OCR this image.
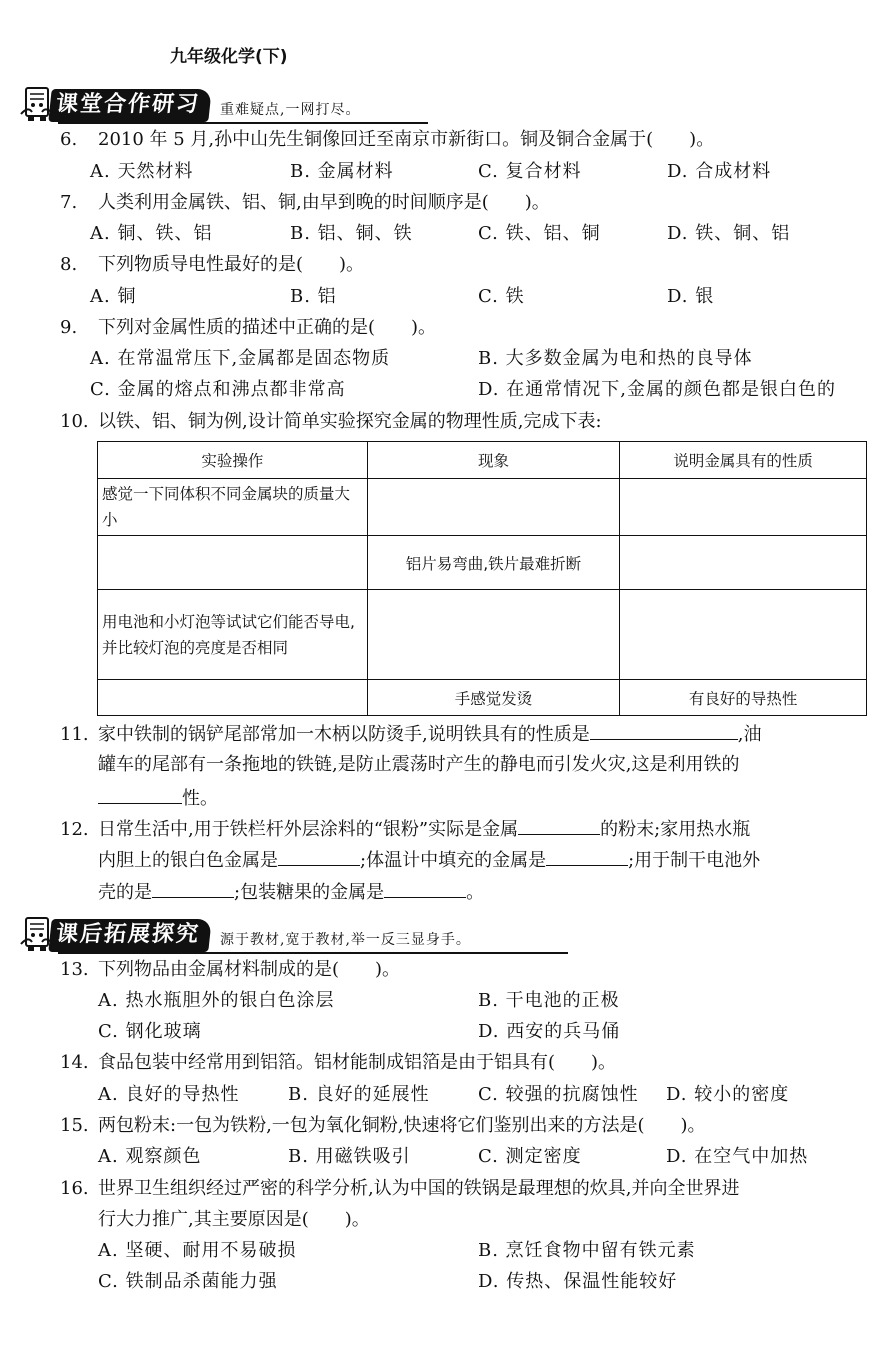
九年级化学(下)
课堂合作研习	重难疑点,一网打尽。
6. 2010 年 5 月,孙中山先生铜像回迁至南京市新街口。铜及铜合金属于(　　)。
A. 天然材料	B. 金属材料	C. 复合材料	D. 合成材料
7. 人类利用金属铁、铝、铜,由早到晚的时间顺序是(　　)。
A. 铜、铁、铝	B. 铝、铜、铁	C. 铁、铝、铜	D. 铁、铜、铝
8. 下列物质导电性最好的是(　　)。
A. 铜	B. 铝	C. 铁	D. 银
9. 下列对金属性质的描述中正确的是(　　)。
A. 在常温常压下,金属都是固态物质	B. 大多数金属为电和热的良导体
C. 金属的熔点和沸点都非常高	D. 在通常情况下,金属的颜色都是银白色的
10. 以铁、铝、铜为例,设计简单实验探究金属的物理性质,完成下表:
实验操作	现象	说明金属具有的性质
感觉一下同体积不同金属块的质量大小		
	铝片易弯曲,铁片最难折断	
用电池和小灯泡等试试它们能否导电,并比较灯泡的亮度是否相同		
	手感觉发烫	有良好的导热性
11. 家中铁制的锅铲尾部常加一木柄以防烫手,说明铁具有的性质是	,油
罐车的尾部有一条拖地的铁链,是防止震荡时产生的静电而引发火灾,这是利用铁的
性。
12. 日常生活中,用于铁栏杆外层涂料的“银粉”实际是金属	的粉末;家用热水瓶
内胆上的银白色金属是	;体温计中填充的金属是	;用于制干电池外
壳的是	;包装糖果的金属是	。
课后拓展探究	源于教材,宽于教材,举一反三显身手。
13. 下列物品由金属材料制成的是(　　)。
A. 热水瓶胆外的银白色涂层	B. 干电池的正极
C. 钢化玻璃	D. 西安的兵马俑
14. 食品包装中经常用到铝箔。铝材能制成铝箔是由于铝具有(　　)。
A. 良好的导热性	B. 良好的延展性	C. 较强的抗腐蚀性 D. 较小的密度
15. 两包粉末:一包为铁粉,一包为氧化铜粉,快速将它们鉴别出来的方法是(　　)。
A. 观察颜色	B. 用磁铁吸引	C. 测定密度	D. 在空气中加热
16. 世界卫生组织经过严密的科学分析,认为中国的铁锅是最理想的炊具,并向全世界进
行大力推广,其主要原因是(　　)。
A. 坚硬、耐用不易破损	B. 烹饪食物中留有铁元素
C. 铁制品杀菌能力强	D. 传热、保温性能较好
